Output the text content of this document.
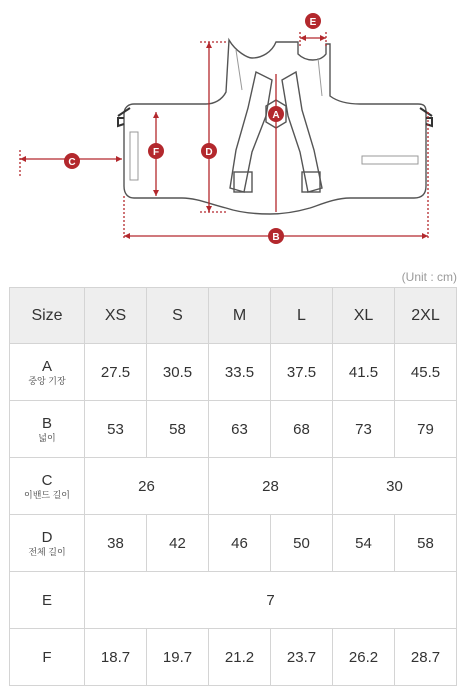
E
A
D
F
C
B
(Unit : cm)
Size	XS	S	M	L	XL	2XL

A
중앙 기장	27.5	30.5	33.5	37.5	41.5	45.5

B
넓이	53	58	63	68	73	79

C
이밴드 길이	26		28		30	

D
전체 길이	38	42	46	50	54	58

E	7					

F	18.7	19.7	21.2	23.7	26.2	28.7
